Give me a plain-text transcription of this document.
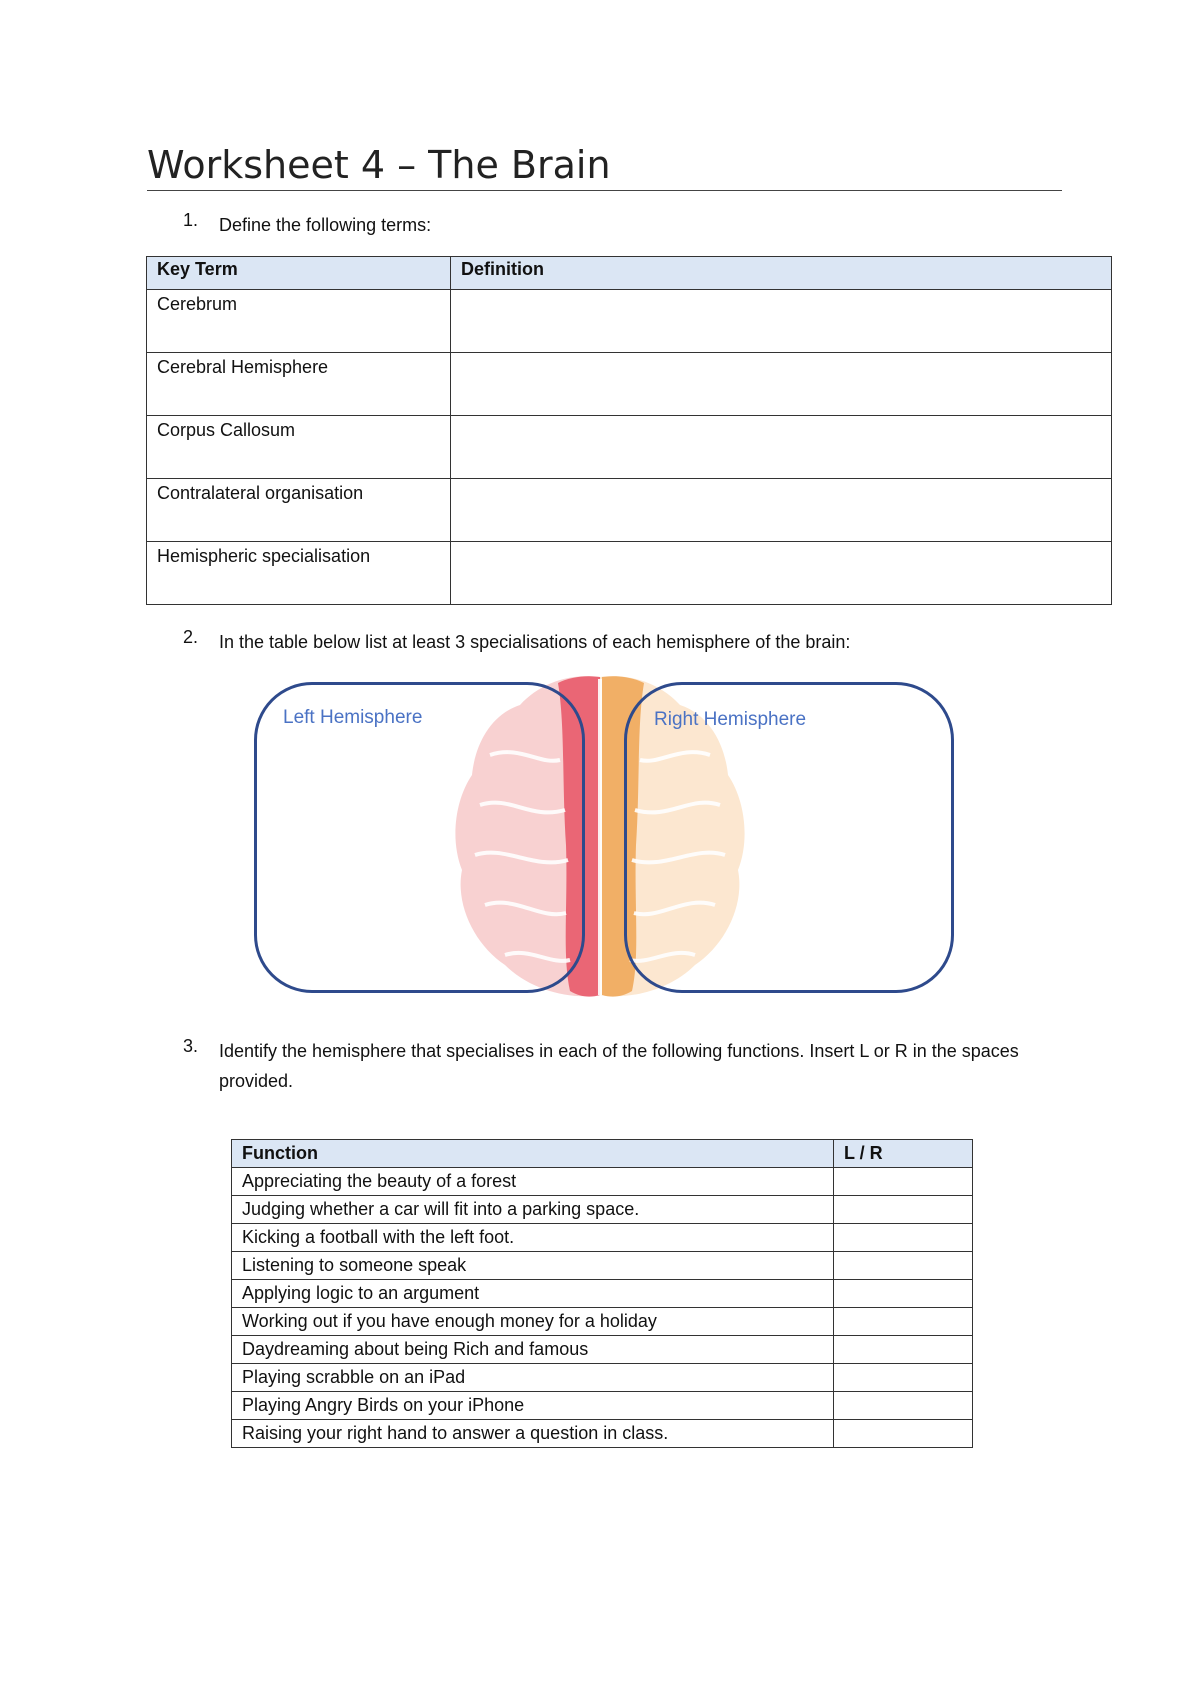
Worksheet 4 – The Brain
1. Define the following terms:
Key Term	Definition
Cerebrum	
Cerebral Hemisphere	
Corpus Callosum	
Contralateral organisation	
Hemispheric specialisation	
2. In the table below list at least 3 specialisations of each hemisphere of the brain:
Left Hemisphere	Right Hemisphere
3. Identify the hemisphere that specialises in each of the following functions. Insert L or R in the spaces provided.
Function	L / R
Appreciating the beauty of a forest	
Judging whether a car will fit into a parking space.	
Kicking a football with the left foot.	
Listening to someone speak	
Applying logic to an argument	
Working out if you have enough money for a holiday	
Daydreaming about being Rich and famous	
Playing scrabble on an iPad	
Playing Angry Birds on your iPhone	
Raising your right hand to answer a question in class.	
